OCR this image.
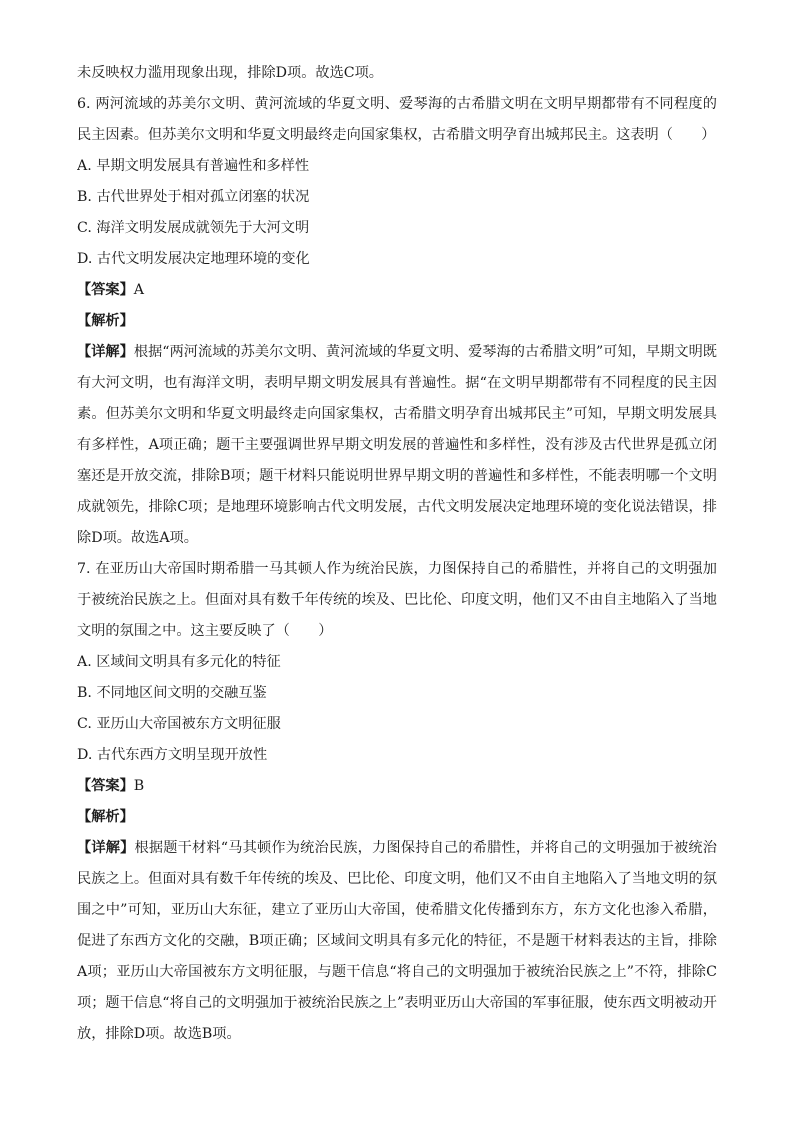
未反映权力滥用现象出现，排除D项。故选C项。

6. 两河流域的苏美尔文明、黄河流域的华夏文明、爱琴海的古希腊文明在文明早期都带有不同程度的民主因素。但苏美尔文明和华夏文明最终走向国家集权，古希腊文明孕育出城邦民主。这表明（　　）

A. 早期文明发展具有普遍性和多样性
B. 古代世界处于相对孤立闭塞的状况
C. 海洋文明发展成就领先于大河文明
D. 古代文明发展决定地理环境的变化
【答案】A
【解析】

【详解】根据“两河流域的苏美尔文明、黄河流域的华夏文明、爱琴海的古希腊文明”可知，早期文明既有大河文明，也有海洋文明，表明早期文明发展具有普遍性。据“在文明早期都带有不同程度的民主因素。但苏美尔文明和华夏文明最终走向国家集权，古希腊文明孕育出城邦民主”可知，早期文明发展具有多样性，A项正确；题干主要强调世界早期文明发展的普遍性和多样性，没有涉及古代世界是孤立闭塞还是开放交流，排除B项；题干材料只能说明世界早期文明的普遍性和多样性，不能表明哪一个文明成就领先，排除C项；是地理环境影响古代文明发展，古代文明发展决定地理环境的变化说法错误，排除D项。故选A项。

7. 在亚历山大帝国时期希腊一马其顿人作为统治民族，力图保持自己的希腊性，并将自己的文明强加于被统治民族之上。但面对具有数千年传统的埃及、巴比伦、印度文明，他们又不由自主地陷入了当地文明的氛围之中。这主要反映了（　　）

A. 区域间文明具有多元化的特征
B. 不同地区间文明的交融互鉴
C. 亚历山大帝国被东方文明征服
D. 古代东西方文明呈现开放性
【答案】B
【解析】

【详解】根据题干材料“马其顿作为统治民族，力图保持自己的希腊性，并将自己的文明强加于被统治民族之上。但面对具有数千年传统的埃及、巴比伦、印度文明，他们又不由自主地陷入了当地文明的氛围之中”可知，亚历山大东征，建立了亚历山大帝国，使希腊文化传播到东方，东方文化也渗入希腊，促进了东西方文化的交融，B项正确；区域间文明具有多元化的特征，不是题干材料表达的主旨，排除A项；亚历山大帝国被东方文明征服，与题干信息“将自己的文明强加于被统治民族之上”不符，排除C项；题干信息“将自己的文明强加于被统治民族之上”表明亚历山大帝国的军事征服，使东西文明被动开放，排除D项。故选B项。
